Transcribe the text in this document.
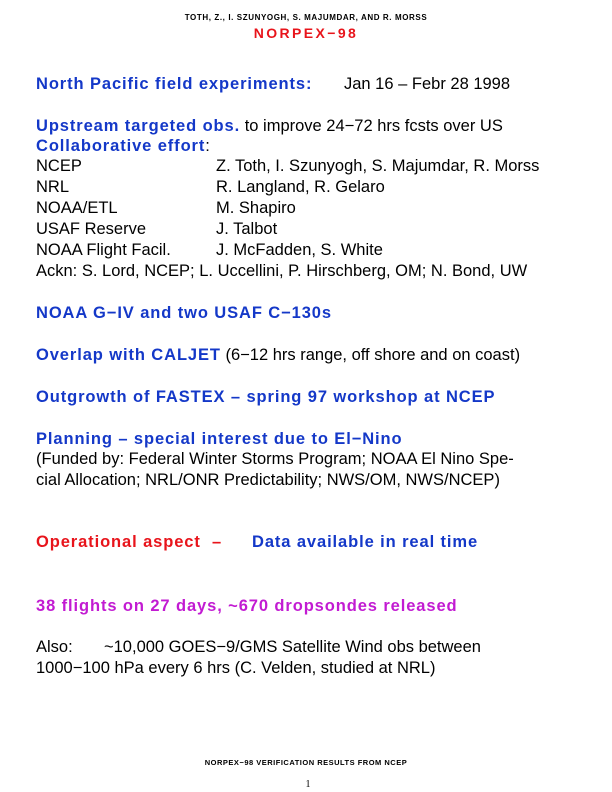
TOTH, Z., I. SZUNYOGH, S. MAJUMDAR, AND R. MORSS
NORPEX−98
North Pacific field experiments: Jan 16 – Febr 28 1998
Upstream targeted obs. to improve 24−72 hrs fcsts over US
Collaborative effort:
NCEP	Z. Toth, I. Szunyogh, S. Majumdar, R. Morss
NRL	R. Langland, R. Gelaro
NOAA/ETL	M. Shapiro
USAF Reserve	J. Talbot
NOAA Flight Facil.	J. McFadden, S. White
Ackn: S. Lord, NCEP; L. Uccellini, P. Hirschberg, OM; N. Bond, UW
NOAA G−IV and two USAF C−130s
Overlap with CALJET (6−12 hrs range, off shore and on coast)
Outgrowth of FASTEX – spring 97 workshop at NCEP
Planning – special interest due to El−Nino
(Funded by: Federal Winter Storms Program; NOAA El Nino Spe-
cial Allocation; NRL/ONR Predictability; NWS/OM, NWS/NCEP)
Operational aspect – Data available in real time
38 flights on 27 days, ~670 dropsondes released
Also: ~10,000 GOES−9/GMS Satellite Wind obs between
1000−100 hPa every 6 hrs (C. Velden, studied at NRL)
NORPEX−98 VERIFICATION RESULTS FROM NCEP
1
